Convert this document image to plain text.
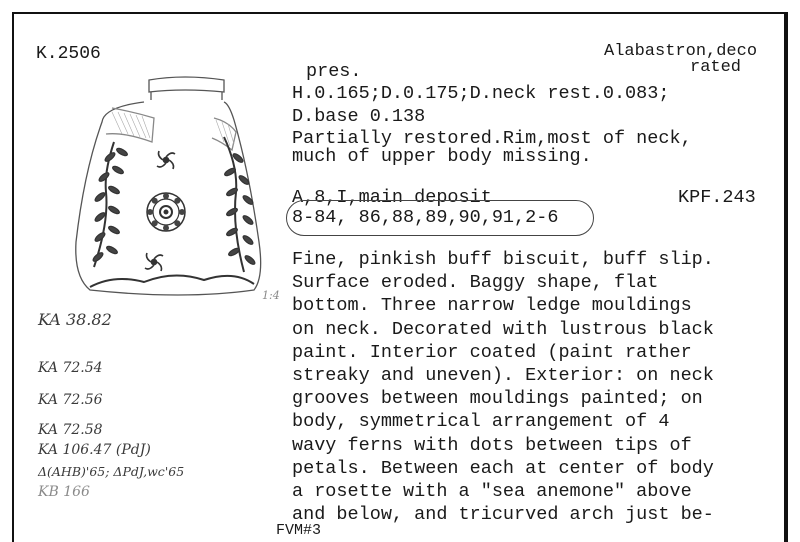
1:4
K.2506	Alabastron,deco
rated
pres.
H.0.165;D.0.175;D.neck rest.0.083;
D.base 0.138
Partially restored.Rim,most of neck,
much of upper body missing.
A,8,I,main deposit	KPF.243
8-84, 86,88,89,90,91,2-6
Fine, pinkish buff biscuit, buff slip.
Surface eroded. Baggy shape, flat
bottom. Three narrow ledge mouldings
on neck. Decorated with lustrous black
paint. Interior coated (paint rather
streaky and uneven). Exterior: on neck
grooves between mouldings painted; on
body, symmetrical arrangement of 4
wavy ferns with dots between tips of
petals. Between each at center of body
a rosette with a "sea anemone" above
and below, and tricurved arch just be-
FVM#3
KA 38.82
KA 72.54
KA 72.56
KA 72.58
KA 106.47 (PdJ)
Δ(AHB)'65; ΔPdJ,wc'65
KB 166
